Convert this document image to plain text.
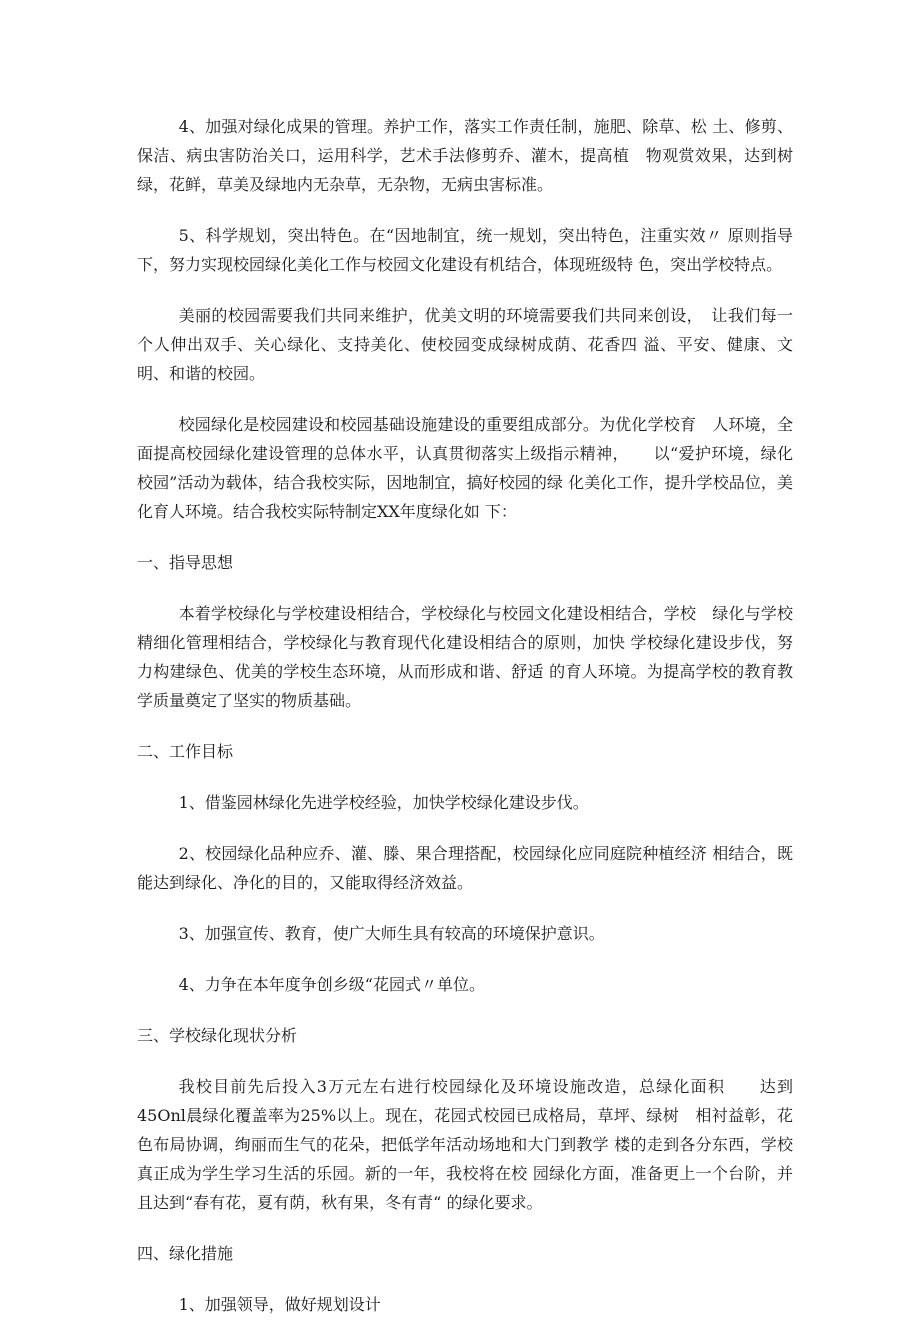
4、加强对绿化成果的管理。养护工作，落实工作责任制，施肥、除草、松 土、修剪、保洁、病虫害防治关口，运用科学，艺术手法修剪乔、灌木，提高植　物观赏效果，达到树绿，花鲜，草美及绿地内无杂草，无杂物，无病虫害标准。

5、科学规划，突出特色。在“因地制宜，统一规划，突出特色，注重实效〃 原则指导下，努力实现校园绿化美化工作与校园文化建设有机结合，体现班级特 色，突出学校特点。

美丽的校园需要我们共同来维护，优美文明的环境需要我们共同来创设，　让我们每一个人伸出双手、关心绿化、支持美化、使校园变成绿树成荫、花香四 溢、平安、健康、文明、和谐的校园。

校园绿化是校园建设和校园基础设施建设的重要组成部分。为优化学校育　人环境，全面提高校园绿化建设管理的总体水平，认真贯彻落实上级指示精神，　　以“爱护环境，绿化校园”活动为载体，结合我校实际，因地制宜，搞好校园的绿 化美化工作，提升学校品位，美化育人环境。结合我校实际特制定XX年度绿化如 下：

一、指导思想

本着学校绿化与学校建设相结合，学校绿化与校园文化建设相结合，学校　绿化与学校精细化管理相结合，学校绿化与教育现代化建设相结合的原则，加快 学校绿化建设步伐，努力构建绿色、优美的学校生态环境，从而形成和谐、舒适 的育人环境。为提高学校的教育教学质量奠定了坚实的物质基础。

二、工作目标

1、借鉴园林绿化先进学校经验，加快学校绿化建设步伐。

2、校园绿化品种应乔、灌、滕、果合理搭配，校园绿化应同庭院种植经济 相结合，既能达到绿化、净化的目的，又能取得经济效益。

3、加强宣传、教育，使广大师生具有较高的环境保护意识。

4、力争在本年度争创乡级“花园式〃单位。

三、学校绿化现状分析

我校目前先后投入3万元左右进行校园绿化及环境设施改造，总绿化面积　　达到45Onl晨绿化覆盖率为25%以上。现在，花园式校园已成格局，草坪、绿树　相衬益彰，花色布局协调，绚丽而生气的花朵，把低学年活动场地和大门到教学 楼的走到各分东西，学校真正成为学生学习生活的乐园。新的一年，我校将在校 园绿化方面，准备更上一个台阶，并且达到“春有花，夏有荫，秋有果，冬有青“ 的绿化要求。

四、绿化措施

1、加强领导，做好规划设计
